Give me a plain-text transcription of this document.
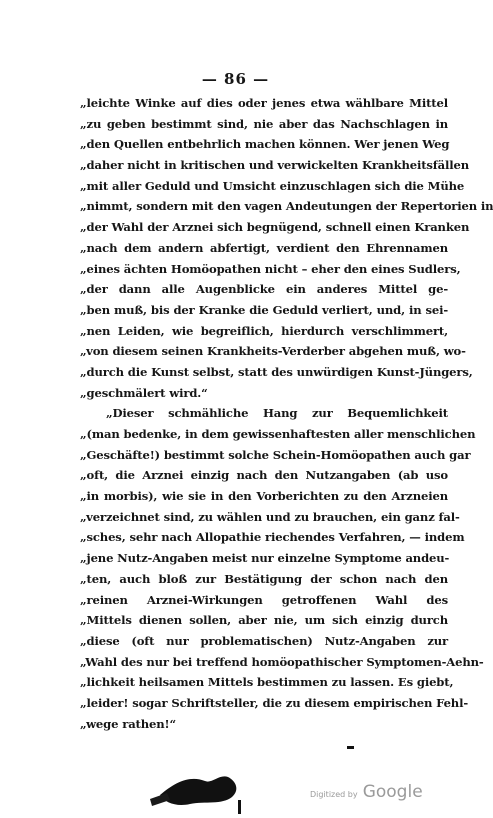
— 86 —
„leichte Winke auf dies oder jenes etwa wählbare Mittel
„zu geben bestimmt sind, nie aber das Nachschlagen in
„den Quellen entbehrlich machen können. Wer jenen Weg
„daher nicht in kritischen und verwickelten Krankheitsfällen
„mit aller Geduld und Umsicht einzuschlagen sich die Mühe
„nimmt, sondern mit den vagen Andeutungen der Repertorien in
„der Wahl der Arznei sich begnügend, schnell einen Kranken
„nach dem andern abfertigt, verdient den Ehrennamen
„eines ächten Homöopathen nicht – eher den eines Sudlers,
„der dann alle Augenblicke ein anderes Mittel ge-
„ben muß, bis der Kranke die Geduld verliert, und, in sei-
„nen Leiden, wie begreiflich, hierdurch verschlimmert,
„von diesem seinen Krankheits-Verderber abgehen muß, wo-
„durch die Kunst selbst, statt des unwürdigen Kunst-Jüngers,
„geschmälert wird.“
„Dieser schmähliche Hang zur Bequemlichkeit
„(man bedenke, in dem gewissenhaftesten aller menschlichen
„Geschäfte!) bestimmt solche Schein-Homöopathen auch gar
„oft, die Arznei einzig nach den Nutzangaben (ab uso
„in morbis), wie sie in den Vorberichten zu den Arzneien
„verzeichnet sind, zu wählen und zu brauchen, ein ganz fal-
„sches, sehr nach Allopathie riechendes Verfahren, — indem
„jene Nutz-Angaben meist nur einzelne Symptome andeu-
„ten, auch bloß zur Bestätigung der schon nach den
„reinen Arznei-Wirkungen getroffenen Wahl des
„Mittels dienen sollen, aber nie, um sich einzig durch
„diese (oft nur problematischen) Nutz-Angaben zur
„Wahl des nur bei treffend homöopathischer Symptomen-Aehn-
„lichkeit heilsamen Mittels bestimmen zu lassen. Es giebt,
„leider! sogar Schriftsteller, die zu diesem empirischen Fehl-
„wege rathen!“
Digitized by Google
